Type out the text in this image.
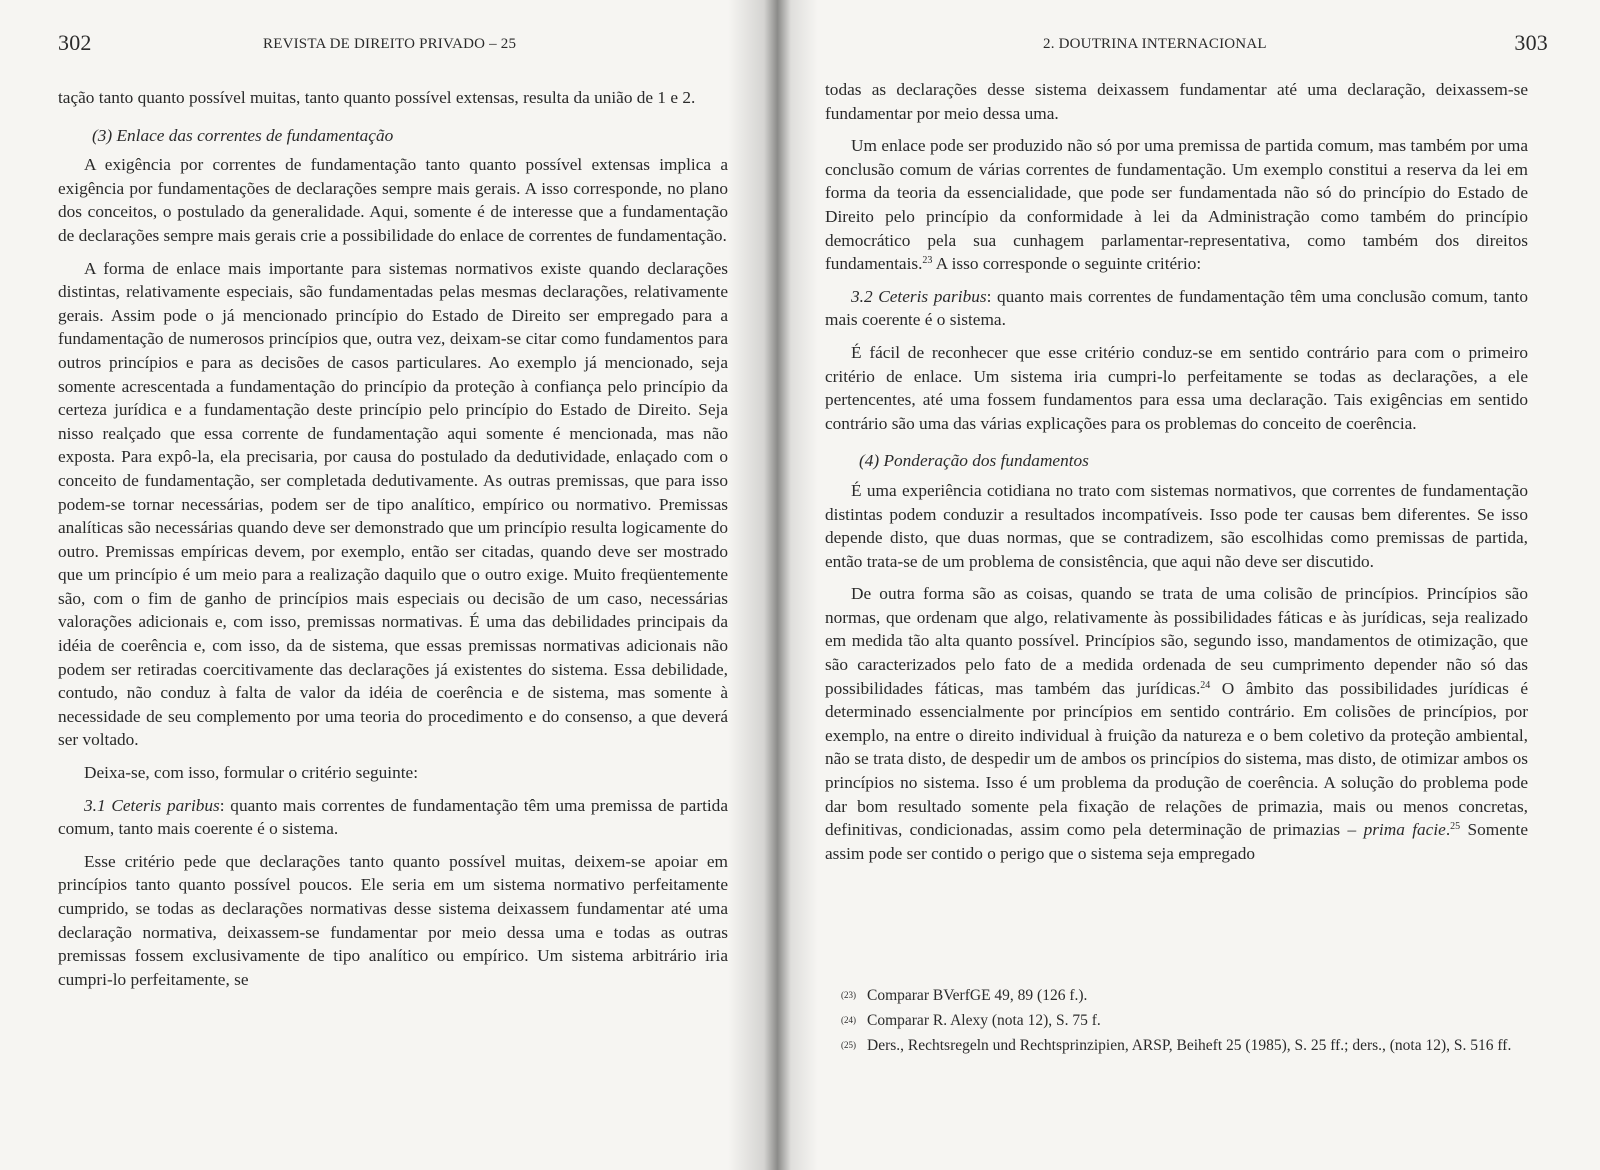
302	REVISTA DE DIREITO PRIVADO – 25

tação tanto quanto possível muitas, tanto quanto possível extensas, resulta da união de 1 e 2.

(3) Enlace das correntes de fundamentação

A exigência por correntes de fundamentação tanto quanto possível extensas implica a exigência por fundamentações de declarações sempre mais gerais. A isso corresponde, no plano dos conceitos, o postulado da generalidade. Aqui, somente é de interesse que a fundamentação de declarações sempre mais gerais crie a possibilidade do enlace de correntes de fundamentação.

A forma de enlace mais importante para sistemas normativos existe quando declarações distintas, relativamente especiais, são fundamentadas pelas mesmas declarações, relativamente gerais. Assim pode o já mencionado princípio do Estado de Direito ser empregado para a fundamentação de numerosos princípios que, outra vez, deixam-se citar como fundamentos para outros princípios e para as decisões de casos particulares. Ao exemplo já mencionado, seja somente acrescentada a fundamentação do princípio da proteção à confiança pelo princípio da certeza jurídica e a fundamentação deste princípio pelo princípio do Estado de Direito. Seja nisso realçado que essa corrente de fundamentação aqui somente é mencionada, mas não exposta. Para expô-la, ela precisaria, por causa do postulado da dedutividade, enlaçado com o conceito de fundamentação, ser completada dedutivamente. As outras premissas, que para isso podem-se tornar necessárias, podem ser de tipo analítico, empírico ou normativo. Premissas analíticas são necessárias quando deve ser demonstrado que um princípio resulta logicamente do outro. Premissas empíricas devem, por exemplo, então ser citadas, quando deve ser mostrado que um princípio é um meio para a realização daquilo que o outro exige. Muito freqüentemente são, com o fim de ganho de princípios mais especiais ou decisão de um caso, necessárias valorações adicionais e, com isso, premissas normativas. É uma das debilidades principais da idéia de coerência e, com isso, da de sistema, que essas premissas normativas adicionais não podem ser retiradas coercitivamente das declarações já existentes do sistema. Essa debilidade, contudo, não conduz à falta de valor da idéia de coerência e de sistema, mas somente à necessidade de seu complemento por uma teoria do procedimento e do consenso, a que deverá ser voltado.

Deixa-se, com isso, formular o critério seguinte:

3.1 Ceteris paribus: quanto mais correntes de fundamentação têm uma premissa de partida comum, tanto mais coerente é o sistema.

Esse critério pede que declarações tanto quanto possível muitas, deixem-se apoiar em princípios tanto quanto possível poucos. Ele seria em um sistema normativo perfeitamente cumprido, se todas as declarações normativas desse sistema deixassem fundamentar até uma declaração normativa, deixassem-se fundamentar por meio dessa uma e todas as outras premissas fossem exclusivamente de tipo analítico ou empírico. Um sistema arbitrário iria cumpri-lo perfeitamente, se

2. DOUTRINA INTERNACIONAL	303

todas as declarações desse sistema deixassem fundamentar até uma declaração, deixassem-se fundamentar por meio dessa uma.

Um enlace pode ser produzido não só por uma premissa de partida comum, mas também por uma conclusão comum de várias correntes de fundamentação. Um exemplo constitui a reserva da lei em forma da teoria da essencialidade, que pode ser fundamentada não só do princípio do Estado de Direito pelo princípio da conformidade à lei da Administração como também do princípio democrático pela sua cunhagem parlamentar-representativa, como também dos direitos fundamentais.$^{23}$ A isso corresponde o seguinte critério:

3.2 Ceteris paribus: quanto mais correntes de fundamentação têm uma conclusão comum, tanto mais coerente é o sistema.

É fácil de reconhecer que esse critério conduz-se em sentido contrário para com o primeiro critério de enlace. Um sistema iria cumpri-lo perfeitamente se todas as declarações, a ele pertencentes, até uma fossem fundamentos para essa uma declaração. Tais exigências em sentido contrário são uma das várias explicações para os problemas do conceito de coerência.

(4) Ponderação dos fundamentos

É uma experiência cotidiana no trato com sistemas normativos, que correntes de fundamentação distintas podem conduzir a resultados incompatíveis. Isso pode ter causas bem diferentes. Se isso depende disto, que duas normas, que se contradizem, são escolhidas como premissas de partida, então trata-se de um problema de consistência, que aqui não deve ser discutido.

De outra forma são as coisas, quando se trata de uma colisão de princípios. Princípios são normas, que ordenam que algo, relativamente às possibilidades fáticas e às jurídicas, seja realizado em medida tão alta quanto possível. Princípios são, segundo isso, mandamentos de otimização, que são caracterizados pelo fato de a medida ordenada de seu cumprimento depender não só das possibilidades fáticas, mas também das jurídicas.$^{24}$ O âmbito das possibilidades jurídicas é determinado essencialmente por princípios em sentido contrário. Em colisões de princípios, por exemplo, na entre o direito individual à fruição da natureza e o bem coletivo da proteção ambiental, não se trata disto, de despedir um de ambos os princípios do sistema, mas disto, de otimizar ambos os princípios no sistema. Isso é um problema da produção de coerência. A solução do problema pode dar bom resultado somente pela fixação de relações de primazia, mais ou menos concretas, definitivas, condicionadas, assim como pela determinação de primazias – prima facie.$^{25}$ Somente assim pode ser contido o perigo que o sistema seja empregado

(23) Comparar BVerfGE 49, 89 (126 f.).
(24) Comparar R. Alexy (nota 12), S. 75 f.
(25) Ders., Rechtsregeln und Rechtsprinzipien, ARSP, Beiheft 25 (1985), S. 25 ff.; ders., (nota 12), S. 516 ff.
